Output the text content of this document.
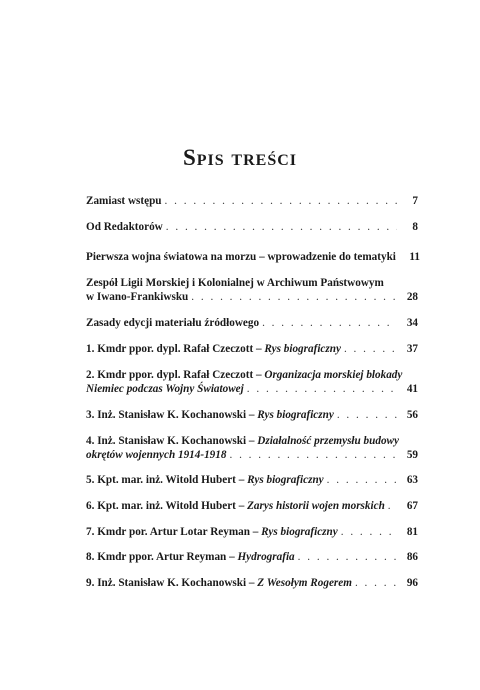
Spis treści
Zamiast wstępu . . .	7
Od Redaktorów . . .	8
Pierwsza wojna światowa na morzu – wprowadzenie do tematyki	11
Zespół Ligii Morskiej i Kolonialnej w Archiwum Państwowym
w Iwano-Frankiwsku . . .	28
Zasady edycji materiału źródłowego . . .	34
1. Kmdr ppor. dypl. Rafał Czeczott – Rys biograficzny . . .	37
2. Kmdr ppor. dypl. Rafał Czeczott – Organizacja morskiej blokady
Niemiec podczas Wojny Światowej . . .	41
3. Inż. Stanisław K. Kochanowski – Rys biograficzny . . .	56
4. Inż. Stanisław K. Kochanowski – Działalność przemysłu budowy
okrętów wojennych 1914-1918 . . .	59
5. Kpt. mar. inż. Witold Hubert – Rys biograficzny . . .	63
6. Kpt. mar. inż. Witold Hubert – Zarys historii wojen morskich . . .	67
7. Kmdr por. Artur Lotar Reyman – Rys biograficzny . . .	81
8. Kmdr ppor. Artur Reyman – Hydrografia . . .	86
9. Inż. Stanisław K. Kochanowski – Z Wesołym Rogerem . . .	96
